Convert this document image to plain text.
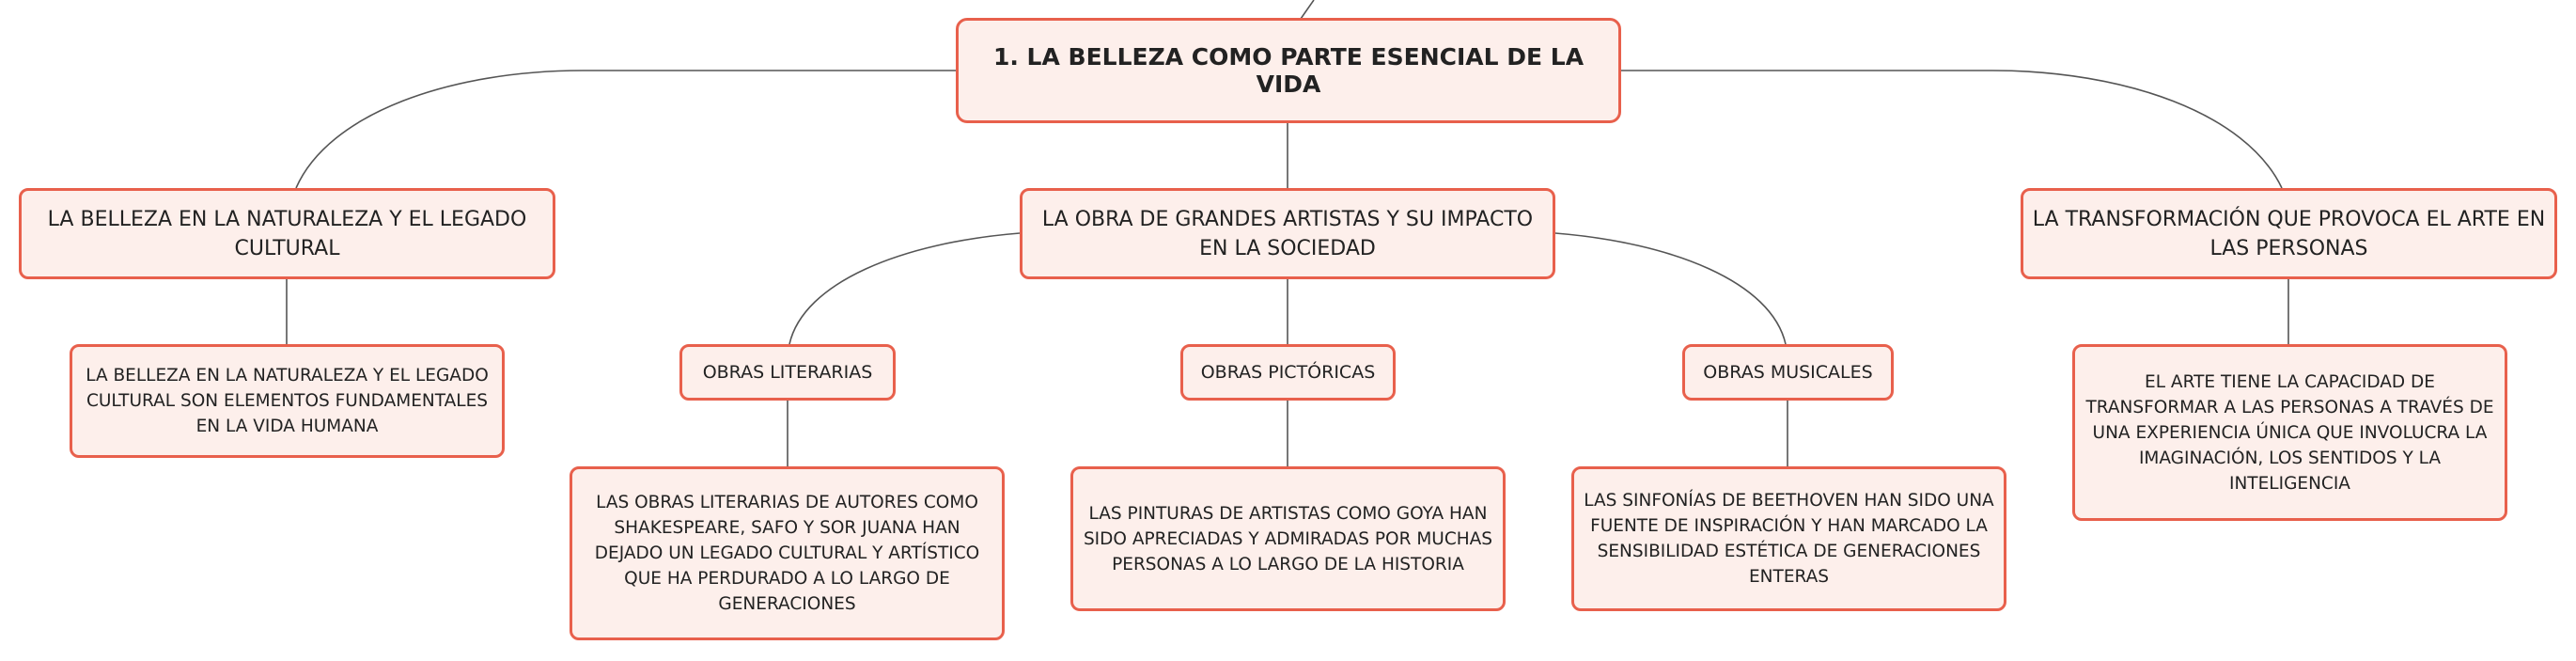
1. LA BELLEZA COMO PARTE ESENCIAL DE LA VIDA
LA BELLEZA EN LA NATURALEZA Y EL LEGADO CULTURAL
LA OBRA DE GRANDES ARTISTAS Y SU IMPACTO EN LA SOCIEDAD
LA TRANSFORMACIÓN QUE PROVOCA EL ARTE EN LAS PERSONAS
LA BELLEZA EN LA NATURALEZA Y EL LEGADO CULTURAL SON ELEMENTOS FUNDAMENTALES EN LA VIDA HUMANA
OBRAS LITERARIAS	OBRAS PICTÓRICAS	OBRAS MUSICALES	EL ARTE TIENE LA CAPACIDAD DE TRANSFORMAR A LAS PERSONAS A TRAVÉS DE UNA EXPERIENCIA ÚNICA QUE INVOLUCRA LA IMAGINACIÓN, LOS SENTIDOS Y LA INTELIGENCIA
LAS OBRAS LITERARIAS DE AUTORES COMO SHAKESPEARE, SAFO Y SOR JUANA HAN DEJADO UN LEGADO CULTURAL Y ARTÍSTICO QUE HA PERDURADO A LO LARGO DE GENERACIONES
LAS PINTURAS DE ARTISTAS COMO GOYA HAN SIDO APRECIADAS Y ADMIRADAS POR MUCHAS PERSONAS A LO LARGO DE LA HISTORIA
LAS SINFONÍAS DE BEETHOVEN HAN SIDO UNA FUENTE DE INSPIRACIÓN Y HAN MARCADO LA SENSIBILIDAD ESTÉTICA DE GENERACIONES ENTERAS
